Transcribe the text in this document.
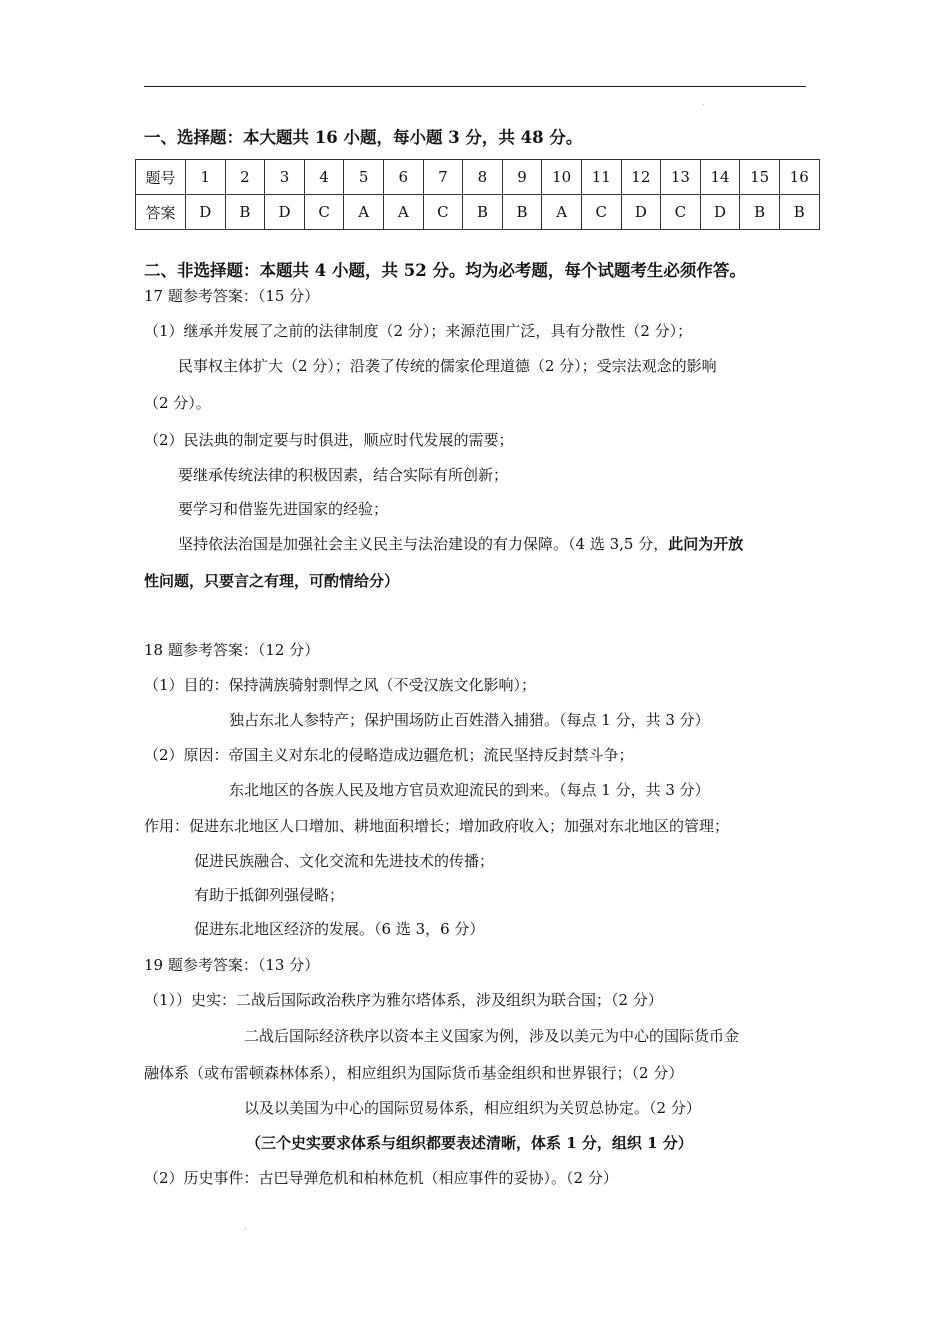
.
一、选择题：本大题共 16 小题，每小题 3 分，共 48 分。
题号	1	2	3	4	5	6	7	8	9	10	11	12	13	14	15	16
答案	D	B	D	C	A	A	C	B	B	A	C	D	C	D	B	B
二、非选择题：本题共 4 小题，共 52 分。均为必考题，每个试题考生必须作答。
17 题参考答案：（15 分）
（1）继承并发展了之前的法律制度（2 分）；来源范围广泛，具有分散性（2 分）；
民事权主体扩大（2 分）；沿袭了传统的儒家伦理道德（2 分）；受宗法观念的影响
（2 分）。
（2）民法典的制定要与时俱进，顺应时代发展的需要；
要继承传统法律的积极因素，结合实际有所创新；
要学习和借鉴先进国家的经验；
坚持依法治国是加强社会主义民主与法治建设的有力保障。（4 选 3,5 分，此问为开放
性问题，只要言之有理，可酌情给分）
18 题参考答案：（12 分）
（1）目的：保持满族骑射剽悍之风（不受汉族文化影响）；
独占东北人参特产；保护围场防止百姓潜入捕猎。（每点 1 分，共 3 分）
（2）原因：帝国主义对东北的侵略造成边疆危机；流民坚持反封禁斗争；
东北地区的各族人民及地方官员欢迎流民的到来。（每点 1 分，共 3 分）
作用：促进东北地区人口增加、耕地面积增长；增加政府收入；加强对东北地区的管理；
促进民族融合、文化交流和先进技术的传播；
有助于抵御列强侵略；
促进东北地区经济的发展。（6 选 3，6 分）
19 题参考答案：（13 分）
（1））史实：二战后国际政治秩序为雅尔塔体系，涉及组织为联合国；（2 分）
二战后国际经济秩序以资本主义国家为例，涉及以美元为中心的国际货币金
融体系（或布雷顿森林体系），相应组织为国际货币基金组织和世界银行；（2 分）
以及以美国为中心的国际贸易体系，相应组织为关贸总协定。（2 分）
（三个史实要求体系与组织都要表述清晰，体系 1 分，组织 1 分）
（2）历史事件：古巴导弹危机和柏林危机（相应事件的妥协）。（2 分）
.
